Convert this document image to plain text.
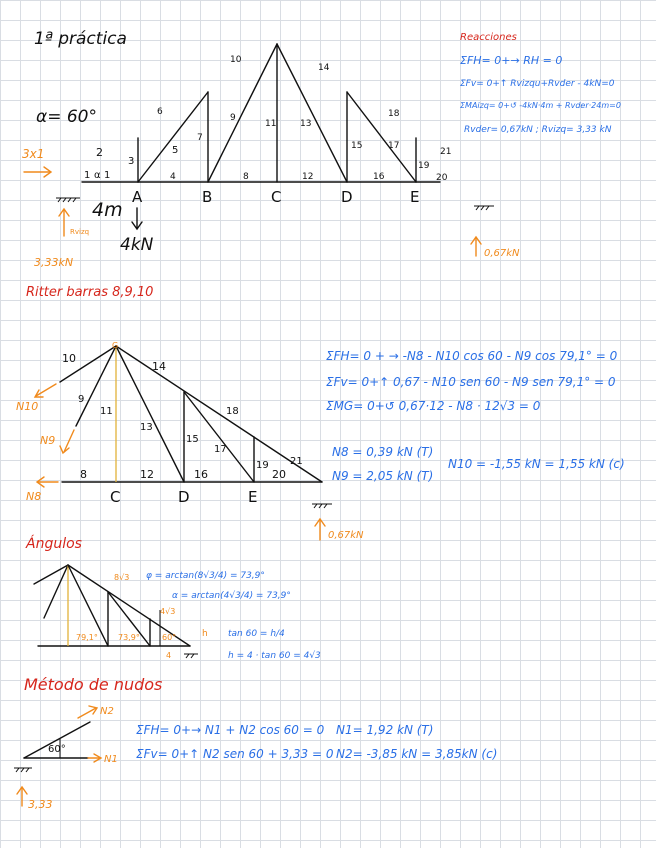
1ª práctica
α= 60°
A	B	C	D	E
2
1 α 1
3
4
5
6
7
8
9
10
11
12
13
14
15
16
17
18
19
20
21
4m
4kN
3x1
Rvizq
3,33kN
0,67kN
Reacciones
ΣFH= 0+→ RH = 0
ΣFv= 0+↑ Rvizqu+Rvder - 4kN=0
ΣMAizq= 0+↺ -4kN·4m + Rvder·24m=0
Rvder= 0,67kN ; Rvizq= 3,33 kN
Ritter barras 8,9,10
G
10
14
9
11
13
18
15
17
19 21
8	12	16	20
C	D	E
N10
N9
N8
0,67kN
ΣFH= 0 + → -N8 - N10 cos 60 - N9 cos 79,1° = 0
ΣFv= 0+↑ 0,67 - N10 sen 60 - N9 sen 79,1° = 0
ΣMG= 0+↺ 0,67·12 - N8 · 12√3 = 0
N8 = 0,39 kN (T)
N9 = 2,05 kN (T)
N10 = -1,55 kN = 1,55 kN (c)
Ángulos
8√3
4√3
79,1°	73,9°	60°
4
h
φ = arctan(8√3/4) = 73,9°
α = arctan(4√3/4) = 73,9°
tan 60 = h/4
h = 4 · tan 60 = 4√3
Método de nudos
N2
N1
60°
3,33
ΣFH= 0+→ N1 + N2 cos 60 = 0
ΣFv= 0+↑ N2 sen 60 + 3,33 = 0
N1= 1,92 kN (T)
N2= -3,85 kN = 3,85kN (c)
